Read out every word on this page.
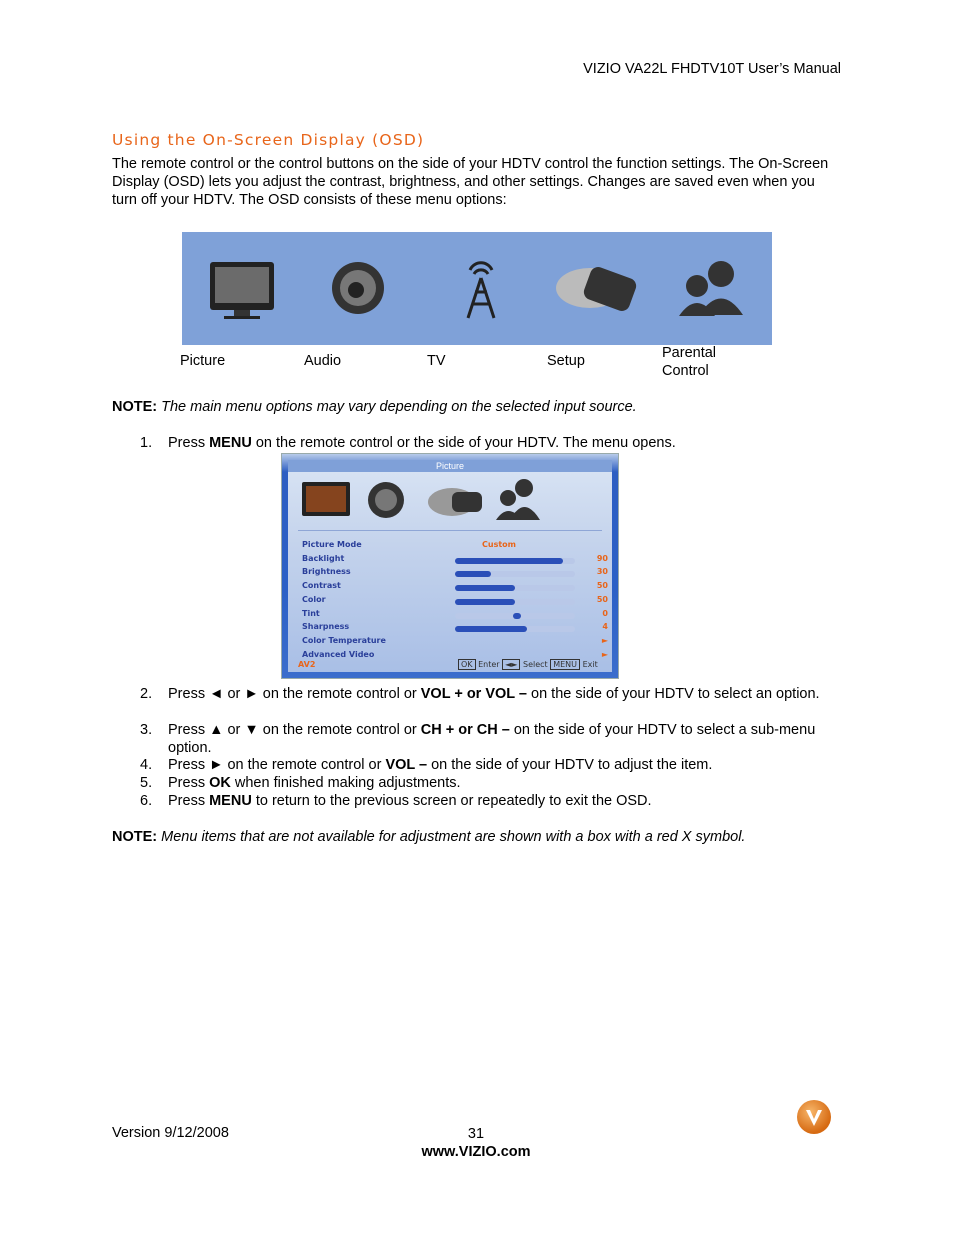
VIZIO VA22L FHDTV10T User’s Manual
Using the On-Screen Display (OSD)
The remote control or the control buttons on the side of your HDTV control the function settings. The On-Screen Display (OSD) lets you adjust the contrast, brightness, and other settings. Changes are saved even when you turn off your HDTV. The OSD consists of these menu options:
Picture	Audio	TV	Setup	Parental
Control
NOTE: The main menu options may vary depending on the selected input source.
1.	Press MENU on the remote control or the side of your HDTV. The menu opens.
Picture
Picture Mode	Custom
Backlight	90
Brightness	30
Contrast	50
Color	50
Tint	0
Sharpness	4
Color Temperature	►
Advanced Video	►
AV2	OK Enter ◄► Select MENU Exit
2.	Press ◄ or ► on the remote control or VOL + or VOL – on the side of your HDTV to select an option.
3.	Press ▲ or ▼ on the remote control or CH + or CH – on the side of your HDTV to select a sub-menu option.
4.	Press ► on the remote control or VOL – on the side of your HDTV to adjust the item.
5.	Press OK when finished making adjustments.
6.	Press MENU to return to the previous screen or repeatedly to exit the OSD.
NOTE: Menu items that are not available for adjustment are shown with a box with a red X symbol.
Version 9/12/2008	31
www.VIZIO.com
